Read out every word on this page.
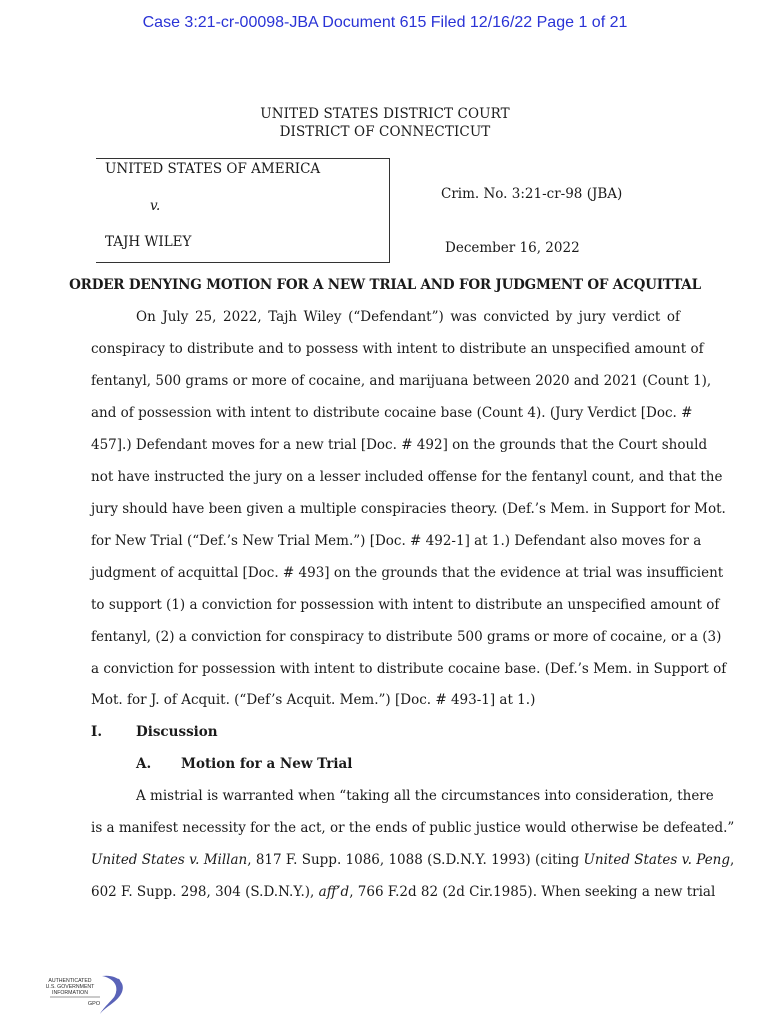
Case 3:21-cr-00098-JBA Document 615 Filed 12/16/22 Page 1 of 21
UNITED STATES DISTRICT COURT
DISTRICT OF CONNECTICUT
UNITED STATES OF AMERICA
v.
TAJH WILEY
Crim. No. 3:21-cr-98 (JBA)
December 16, 2022
ORDER DENYING MOTION FOR A NEW TRIAL AND FOR JUDGMENT OF ACQUITTAL
On July 25, 2022, Tajh Wiley (“Defendant”) was convicted by jury verdict of
conspiracy to distribute and to possess with intent to distribute an unspecified amount of
fentanyl, 500 grams or more of cocaine, and marijuana between 2020 and 2021 (Count 1),
and of possession with intent to distribute cocaine base (Count 4). (Jury Verdict [Doc. #
457].) Defendant moves for a new trial [Doc. # 492] on the grounds that the Court should
not have instructed the jury on a lesser included offense for the fentanyl count, and that the
jury should have been given a multiple conspiracies theory. (Def.’s Mem. in Support for Mot.
for New Trial (“Def.’s New Trial Mem.”) [Doc. # 492-1] at 1.) Defendant also moves for a
judgment of acquittal [Doc. # 493] on the grounds that the evidence at trial was insufficient
to support (1) a conviction for possession with intent to distribute an unspecified amount of
fentanyl, (2) a conviction for conspiracy to distribute 500 grams or more of cocaine, or a (3)
a conviction for possession with intent to distribute cocaine base. (Def.’s Mem. in Support of
Mot. for J. of Acquit. (“Def’s Acquit. Mem.”) [Doc. # 493-1] at 1.)
I.	Discussion
A. Motion for a New Trial
A mistrial is warranted when “taking all the circumstances into consideration, there
is a manifest necessity for the act, or the ends of public justice would otherwise be defeated.”
United States v. Millan, 817 F. Supp. 1086, 1088 (S.D.N.Y. 1993) (citing United States v. Peng,
602 F. Supp. 298, 304 (S.D.N.Y.), aff’d, 766 F.2d 82 (2d Cir.1985). When seeking a new trial
AUTHENTICATED
U.S. GOVERNMENT
INFORMATION
GPO
